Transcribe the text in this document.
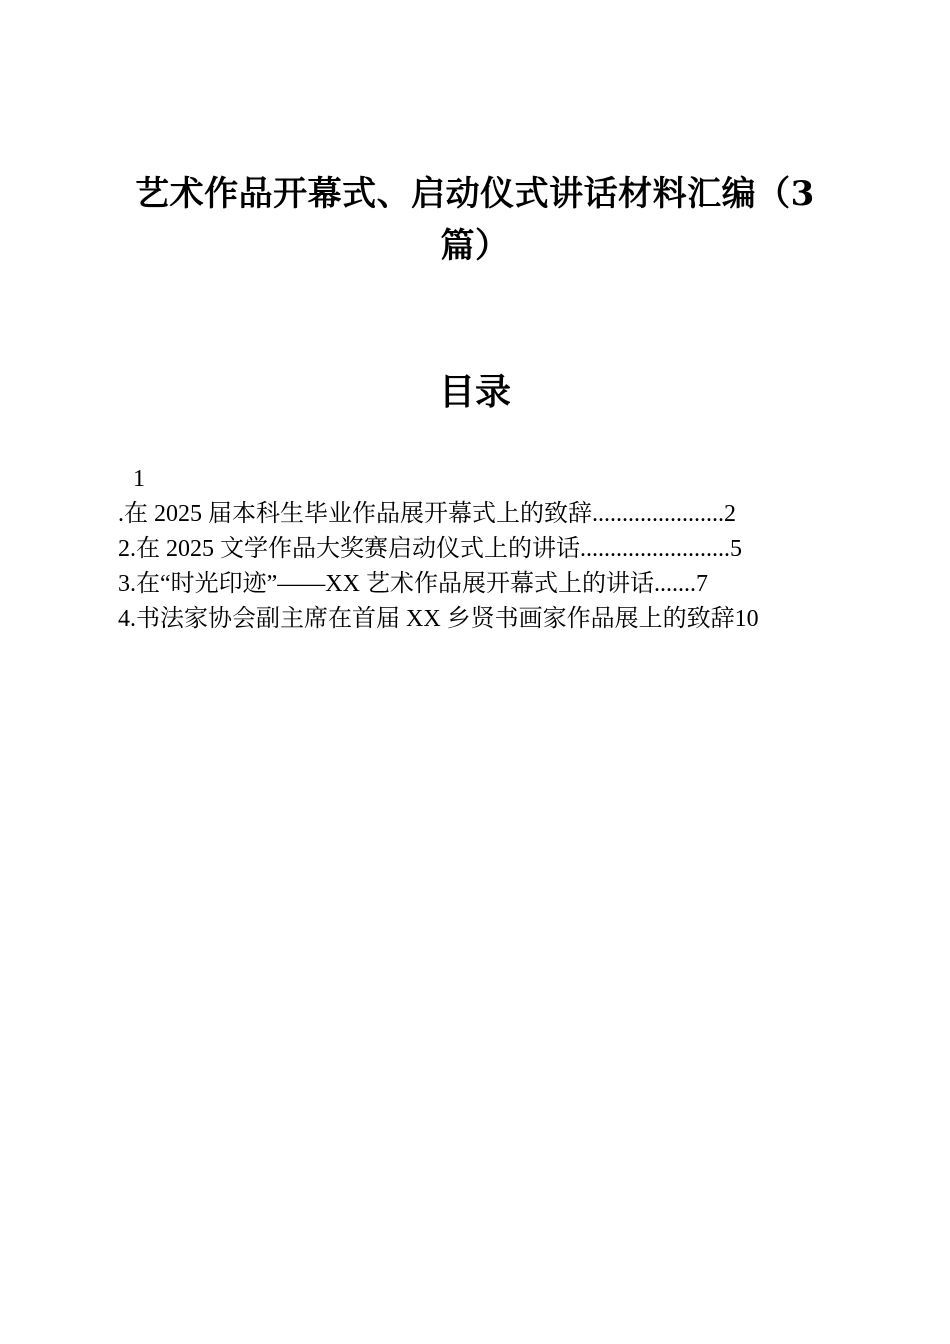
艺术作品开幕式、启动仪式讲话材料汇编（3
篇）
目录
1
.在 2025 届本科生毕业作品展开幕式上的致辞......................2
2.在 2025 文学作品大奖赛启动仪式上的讲话.........................5
3.在“时光印迹”——XX 艺术作品展开幕式上的讲话.......7
4.书法家协会副主席在首届 XX 乡贤书画家作品展上的致辞10
